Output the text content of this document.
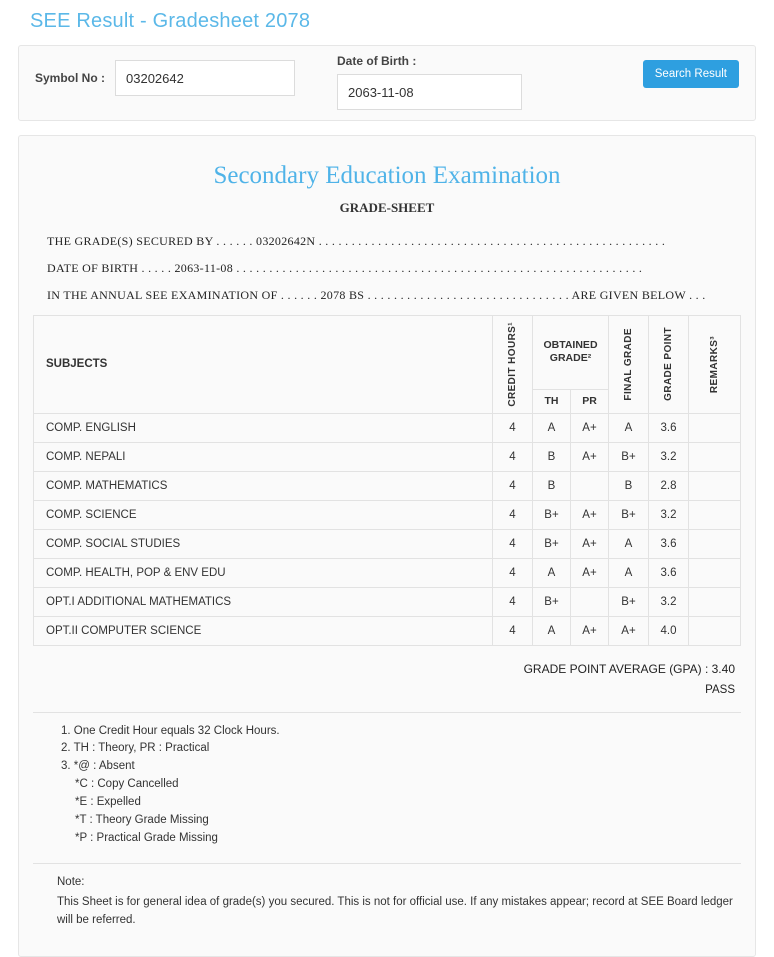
SEE Result - Gradesheet 2078
Symbol No :
03202642
Date of Birth :
2063-11-08
Search Result
Secondary Education Examination
GRADE-SHEET
THE GRADE(S) SECURED BY . . . . . . 03202642N . . . . . . . . . . . . . . . . . . . . . . . . . . . . . . . . . . . . . . . . . . . . . . . . . . . . .
DATE OF BIRTH . . . . . 2063-11-08 . . . . . . . . . . . . . . . . . . . . . . . . . . . . . . . . . . . . . . . . . . . . . . . . . . . . . . . . . . . . . .
IN THE ANNUAL SEE EXAMINATION OF . . . . . . 2078 BS . . . . . . . . . . . . . . . . . . . . . . . . . . . . . . . ARE GIVEN BELOW . . .
SUBJECTS	CREDIT HOURS¹	OBTAINED GRADE²		FINAL GRADE	GRADE POINT	REMARKS³

		TH	PR			
COMP. ENGLISH	4	A	A+	A	3.6	
COMP. NEPALI	4	B	A+	B+	3.2	
COMP. MATHEMATICS	4	B		B	2.8	
COMP. SCIENCE	4	B+	A+	B+	3.2	
COMP. SOCIAL STUDIES	4	B+	A+	A	3.6	
COMP. HEALTH, POP & ENV EDU	4	A	A+	A	3.6	
OPT.I ADDITIONAL MATHEMATICS	4	B+		B+	3.2	
OPT.II COMPUTER SCIENCE	4	A	A+	A+	4.0	
GRADE POINT AVERAGE (GPA) : 3.40
PASS
1. One Credit Hour equals 32 Clock Hours.
2. TH : Theory, PR : Practical
3. *@ : Absent
*C : Copy Cancelled
*E : Expelled
*T : Theory Grade Missing
*P : Practical Grade Missing
Note:
This Sheet is for general idea of grade(s) you secured. This is not for official use. If any mistakes appear; record at SEE Board ledger will be referred.
